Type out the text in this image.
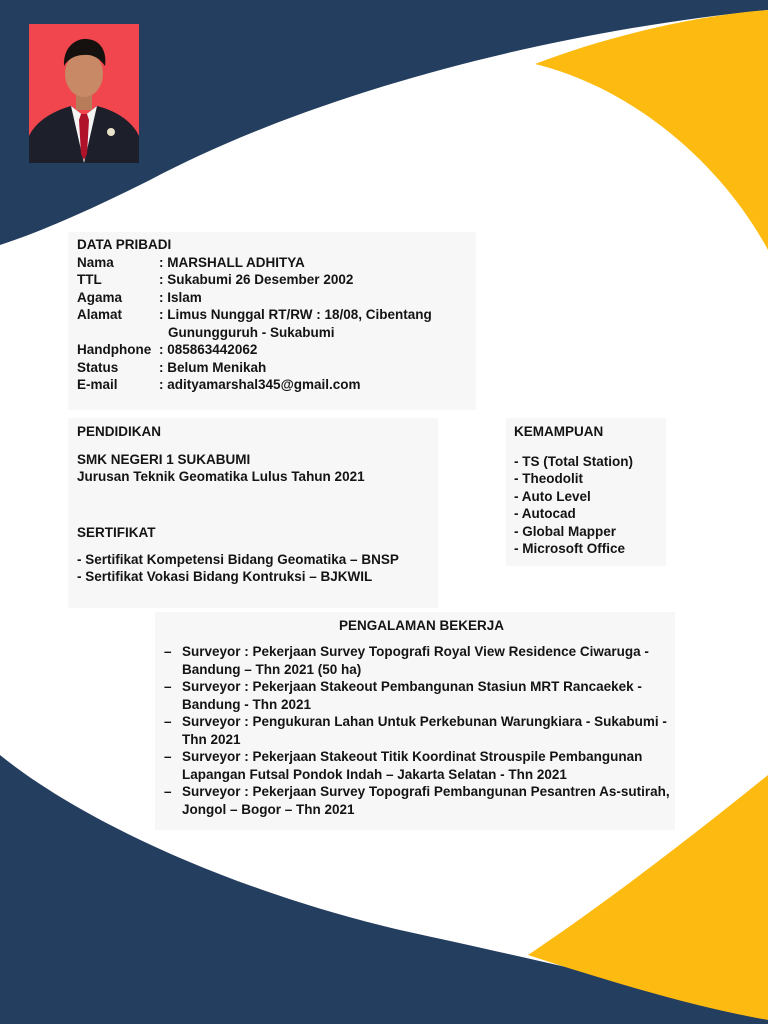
DATA PRIBADI
Nama	: MARSHALL ADHITYA
TTL	: Sukabumi 26 Desember 2002
Agama	: Islam
Alamat	: Limus Nunggal RT/RW : 18/08, Cibentang
Gunungguruh - Sukabumi
Handphone : 085863442062
Status	: Belum Menikah
E-mail	: adityamarshal345@gmail.com
PENDIDIKAN
SMK NEGERI 1 SUKABUMI
Jurusan Teknik Geomatika Lulus Tahun 2021
SERTIFIKAT
- Sertifikat Kompetensi Bidang Geomatika – BNSP
- Sertifikat Vokasi Bidang Kontruksi – BJKWIL
KEMAMPUAN
- TS (Total Station)
- Theodolit
- Auto Level
- Autocad
- Global Mapper
- Microsoft Office
PENGALAMAN BEKERJA
– Surveyor : Pekerjaan Survey Topografi Royal View Residence Ciwaruga -
Bandung – Thn 2021 (50 ha)
– Surveyor : Pekerjaan Stakeout Pembangunan Stasiun MRT Rancaekek -
Bandung - Thn 2021
– Surveyor : Pengukuran Lahan Untuk Perkebunan Warungkiara - Sukabumi -
Thn 2021
– Surveyor : Pekerjaan Stakeout Titik Koordinat Strouspile Pembangunan
Lapangan Futsal Pondok Indah – Jakarta Selatan - Thn 2021
– Surveyor : Pekerjaan Survey Topografi Pembangunan Pesantren As-sutirah,
Jongol – Bogor – Thn 2021
